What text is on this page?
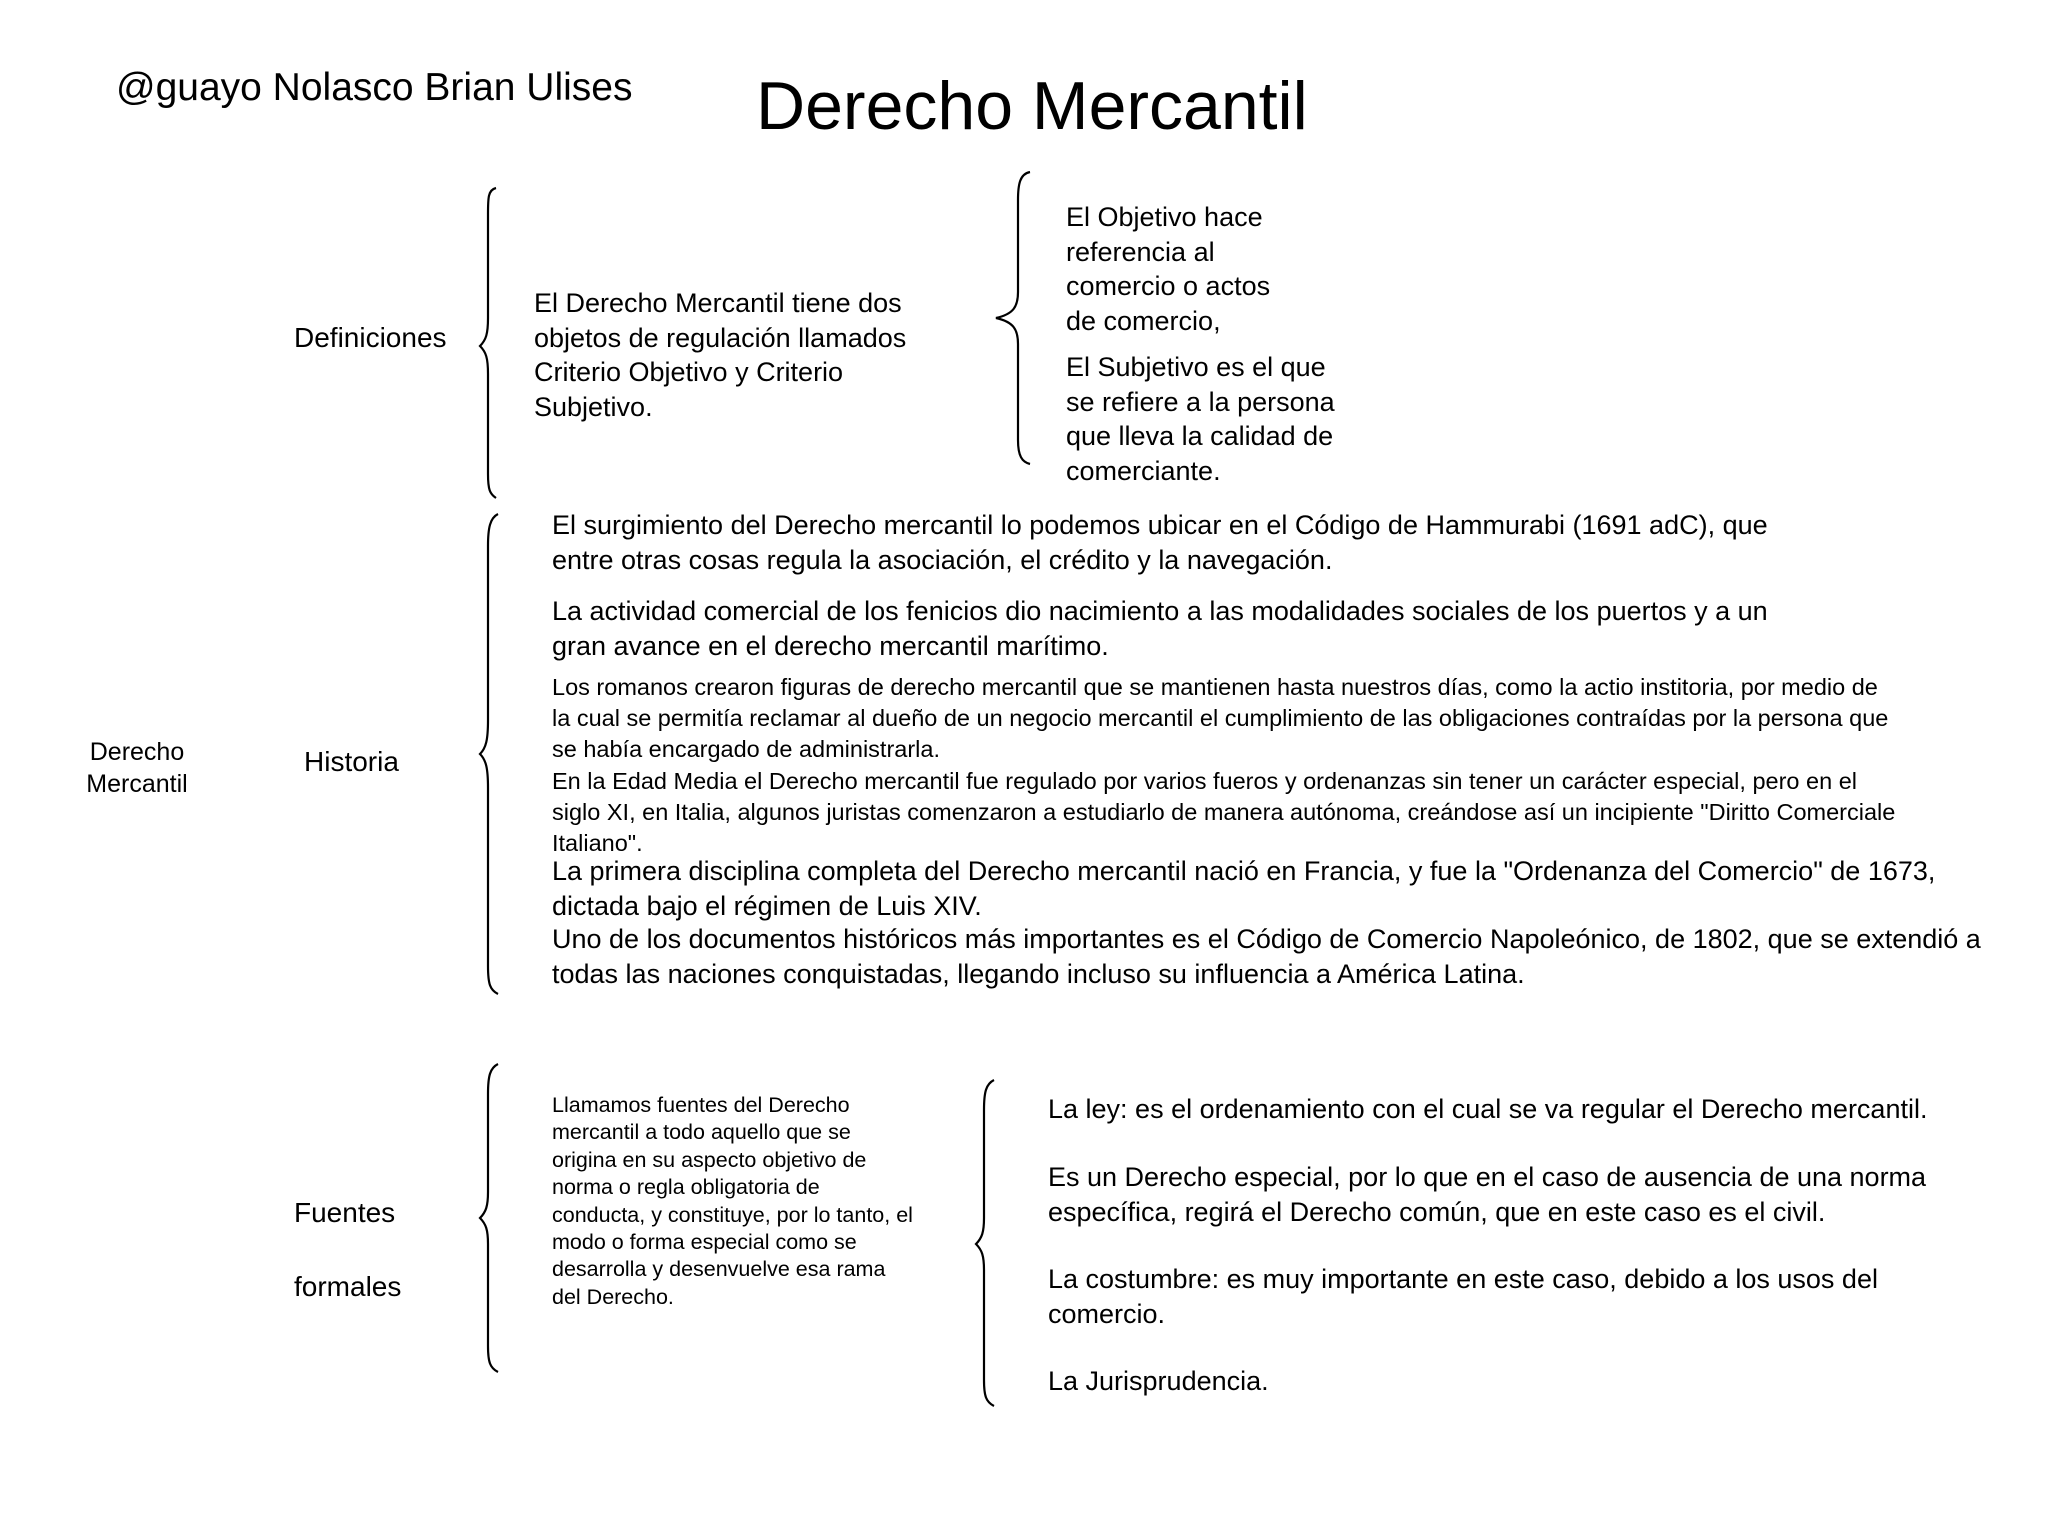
@guayo Nolasco Brian Ulises Derecho Mercantil

Derecho
Mercantil

Definiciones

Historia

Fuentes
formales

El Derecho Mercantil tiene dos
objetos de regulación llamados
Criterio Objetivo y Criterio
Subjetivo.

El Objetivo hace
referencia al
comercio o actos
de comercio,

El Subjetivo es el que
se refiere a la persona
que lleva la calidad de
comerciante.

El surgimiento del Derecho mercantil lo podemos ubicar en el Código de Hammurabi (1691 adC), que
entre otras cosas regula la asociación, el crédito y la navegación.

La actividad comercial de los fenicios dio nacimiento a las modalidades sociales de los puertos y a un
gran avance en el derecho mercantil marítimo.

Los romanos crearon figuras de derecho mercantil que se mantienen hasta nuestros días, como la actio institoria, por medio de
la cual se permitía reclamar al dueño de un negocio mercantil el cumplimiento de las obligaciones contraídas por la persona que
se había encargado de administrarla.

En la Edad Media el Derecho mercantil fue regulado por varios fueros y ordenanzas sin tener un carácter especial, pero en el
siglo XI, en Italia, algunos juristas comenzaron a estudiarlo de manera autónoma, creándose así un incipiente "Diritto Comerciale
Italiano".

La primera disciplina completa del Derecho mercantil nació en Francia, y fue la "Ordenanza del Comercio" de 1673,
dictada bajo el régimen de Luis XIV.

Uno de los documentos históricos más importantes es el Código de Comercio Napoleónico, de 1802, que se extendió a
todas las naciones conquistadas, llegando incluso su influencia a América Latina.

Llamamos fuentes del Derecho
mercantil a todo aquello que se
origina en su aspecto objetivo de
norma o regla obligatoria de
conducta, y constituye, por lo tanto, el
modo o forma especial como se
desarrolla y desenvuelve esa rama
del Derecho.

La ley: es el ordenamiento con el cual se va regular el Derecho mercantil.

Es un Derecho especial, por lo que en el caso de ausencia de una norma
específica, regirá el Derecho común, que en este caso es el civil.

La costumbre: es muy importante en este caso, debido a los usos del
comercio.

La Jurisprudencia.
